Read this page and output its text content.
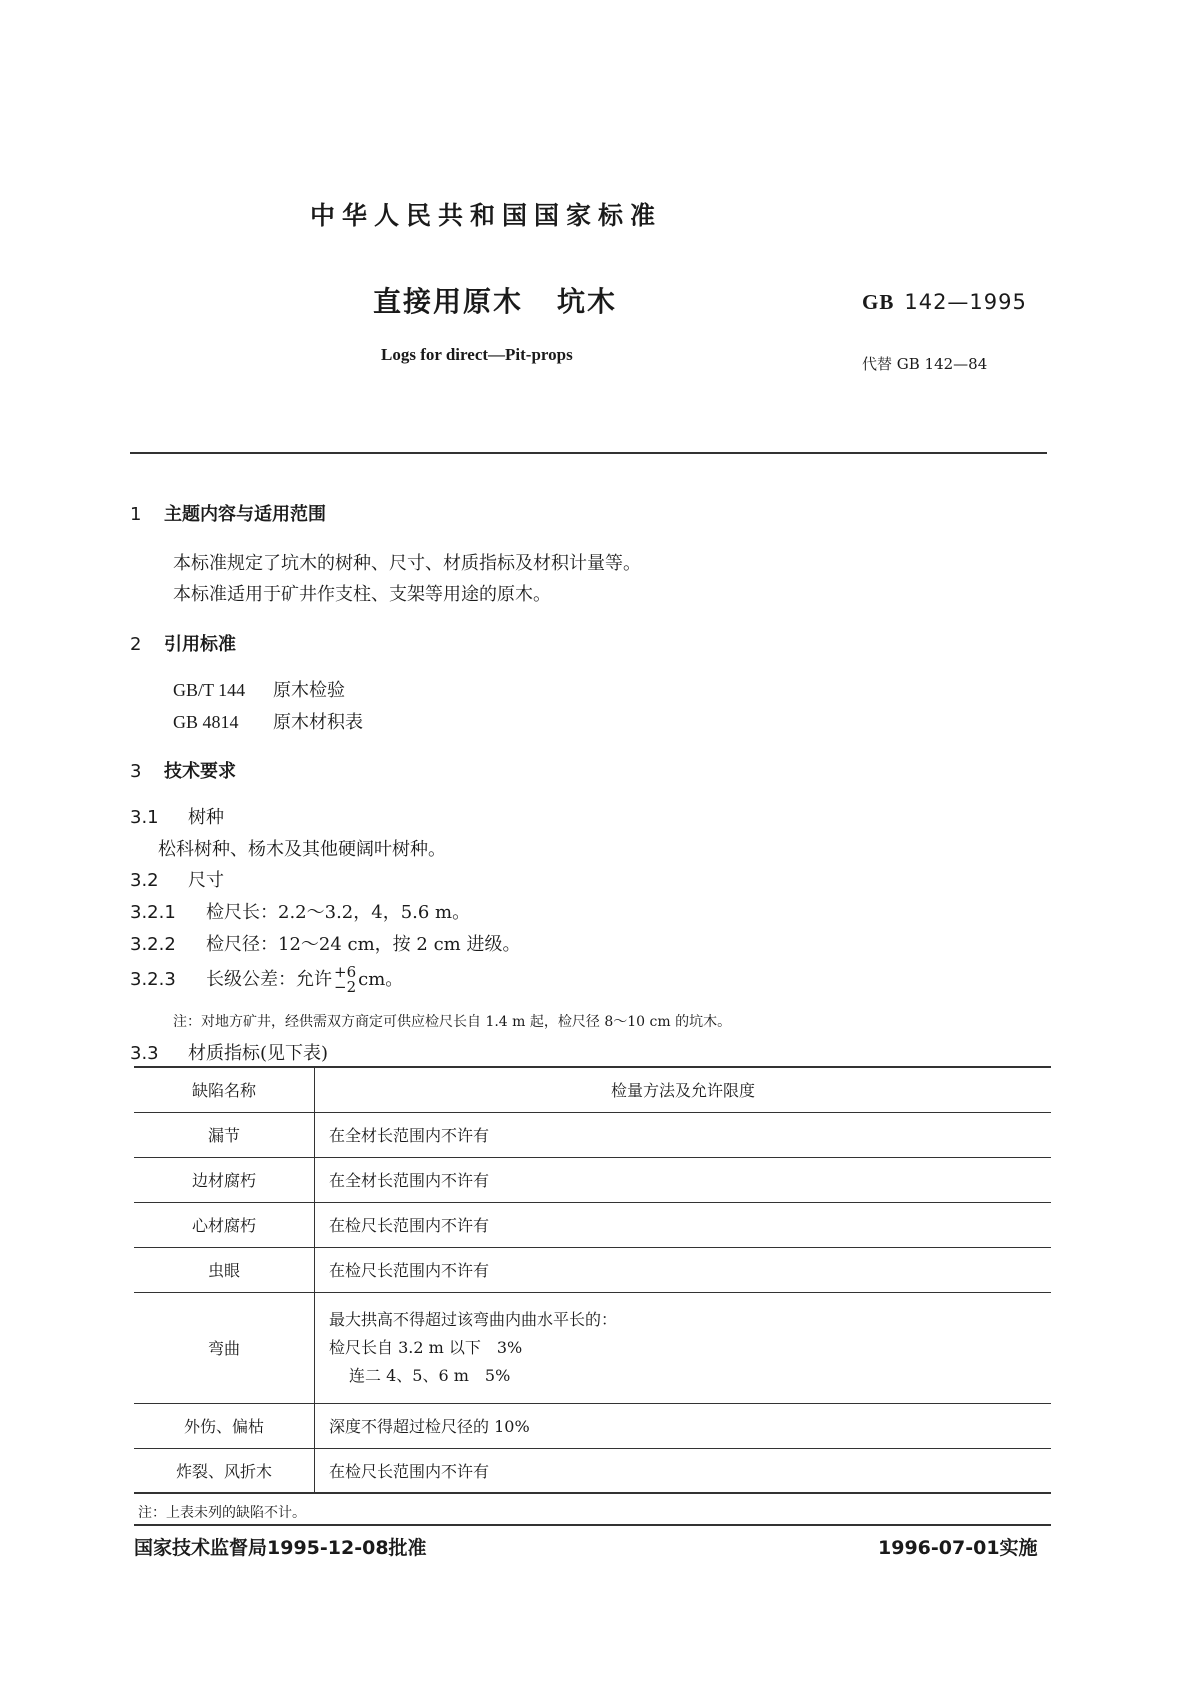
中华人民共和国国家标准
直接用原木 坑木	GB 142—1995
Logs for direct—Pit-props	代替 GB 142—84
1 主题内容与适用范围
本标准规定了坑木的树种、尺寸、材质指标及材积计量等。
本标准适用于矿井作支柱、支架等用途的原木。
2 引用标准
GB/T 144 原木检验
GB 4814 原木材积表
3 技术要求
3.1 树种
松科树种、杨木及其他硬阔叶树种。
3.2 尺寸
3.2.1 检尺长：2.2～3.2，4，5.6 m。
3.2.2 检尺径：12～24 cm，按 2 cm 进级。
3.2.3 长级公差：允许 +6
−2 cm。
注：对地方矿井，经供需双方商定可供应检尺长自 1.4 m 起，检尺径 8～10 cm 的坑木。
3.3 材质指标(见下表)
缺陷名称	检量方法及允许限度
漏节	在全材长范围内不许有
边材腐朽	在全材长范围内不许有
心材腐朽	在检尺长范围内不许有
虫眼	在检尺长范围内不许有
弯曲	最大拱高不得超过该弯曲内曲水平长的：
检尺长自 3.2 m 以下　3%
连二 4、5、6 m　5%

外伤、偏枯	深度不得超过检尺径的 10%
炸裂、风折木	在检尺长范围内不许有
注：上表未列的缺陷不计。
国家技术监督局1995-12-08批准	1996-07-01实施
